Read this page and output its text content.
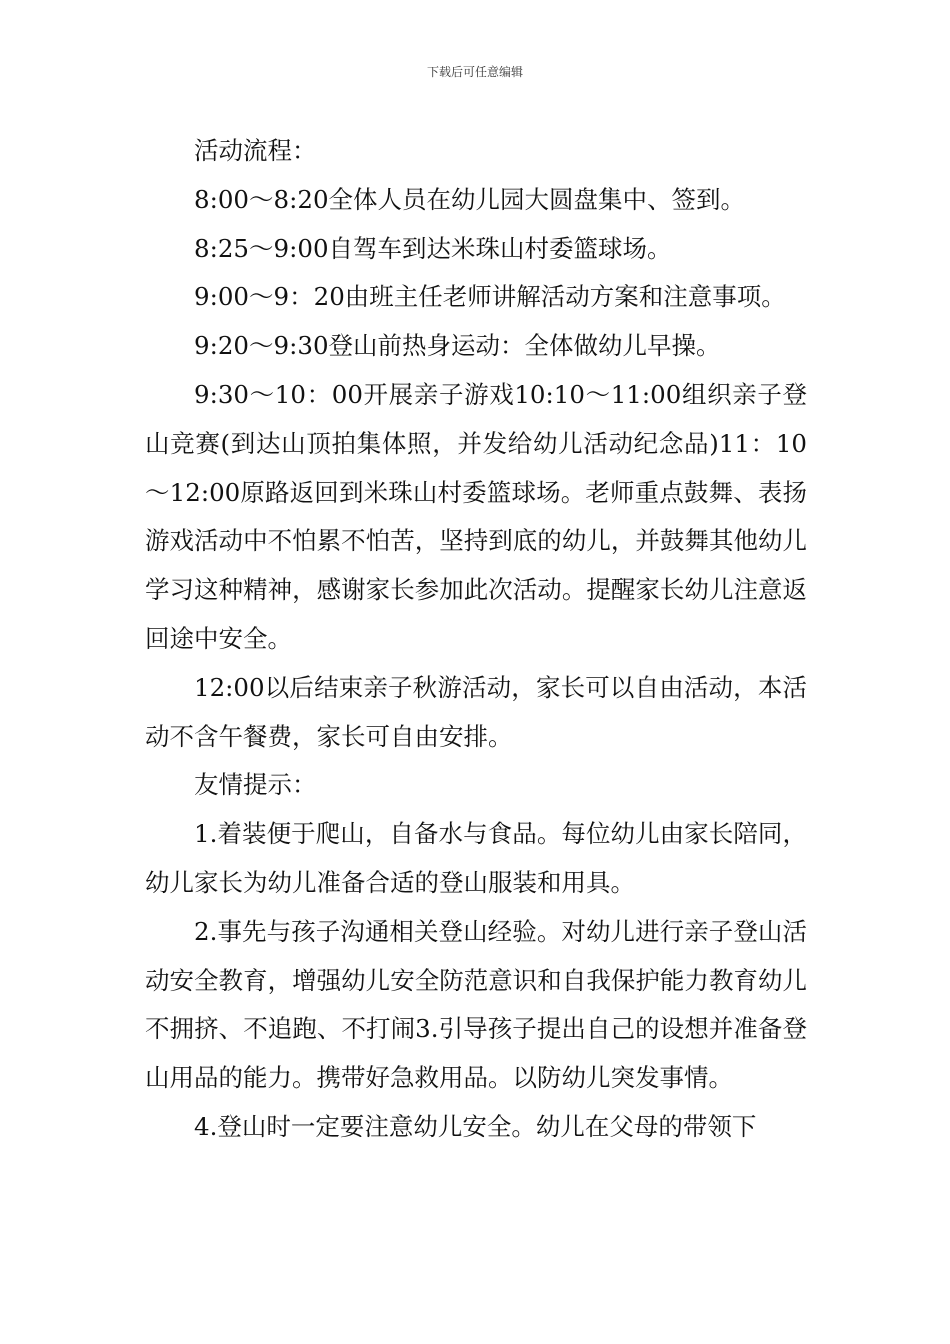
下载后可任意编辑

活动流程：

8:00～8:20全体人员在幼儿园大圆盘集中、签到。

8:25～9:00自驾车到达米珠山村委篮球场。

9:00～9：20由班主任老师讲解活动方案和注意事项。

9:20～9:30登山前热身运动：全体做幼儿早操。

9:30～10：00开展亲子游戏10:10～11:00组织亲子登山竞赛(到达山顶拍集体照，并发给幼儿活动纪念品)11：10～12:00原路返回到米珠山村委篮球场。老师重点鼓舞、表扬游戏活动中不怕累不怕苦，坚持到底的幼儿，并鼓舞其他幼儿学习这种精神，感谢家长参加此次活动。提醒家长幼儿注意返回途中安全。

12:00以后结束亲子秋游活动，家长可以自由活动，本活动不含午餐费，家长可自由安排。

友情提示：

1.着装便于爬山，自备水与食品。每位幼儿由家长陪同，幼儿家长为幼儿准备合适的登山服装和用具。

2.事先与孩子沟通相关登山经验。对幼儿进行亲子登山活动安全教育，增强幼儿安全防范意识和自我保护能力教育幼儿不拥挤、不追跑、不打闹3.引导孩子提出自己的设想并准备登山用品的能力。携带好急救用品。以防幼儿突发事情。

4.登山时一定要注意幼儿安全。幼儿在父母的带领下
